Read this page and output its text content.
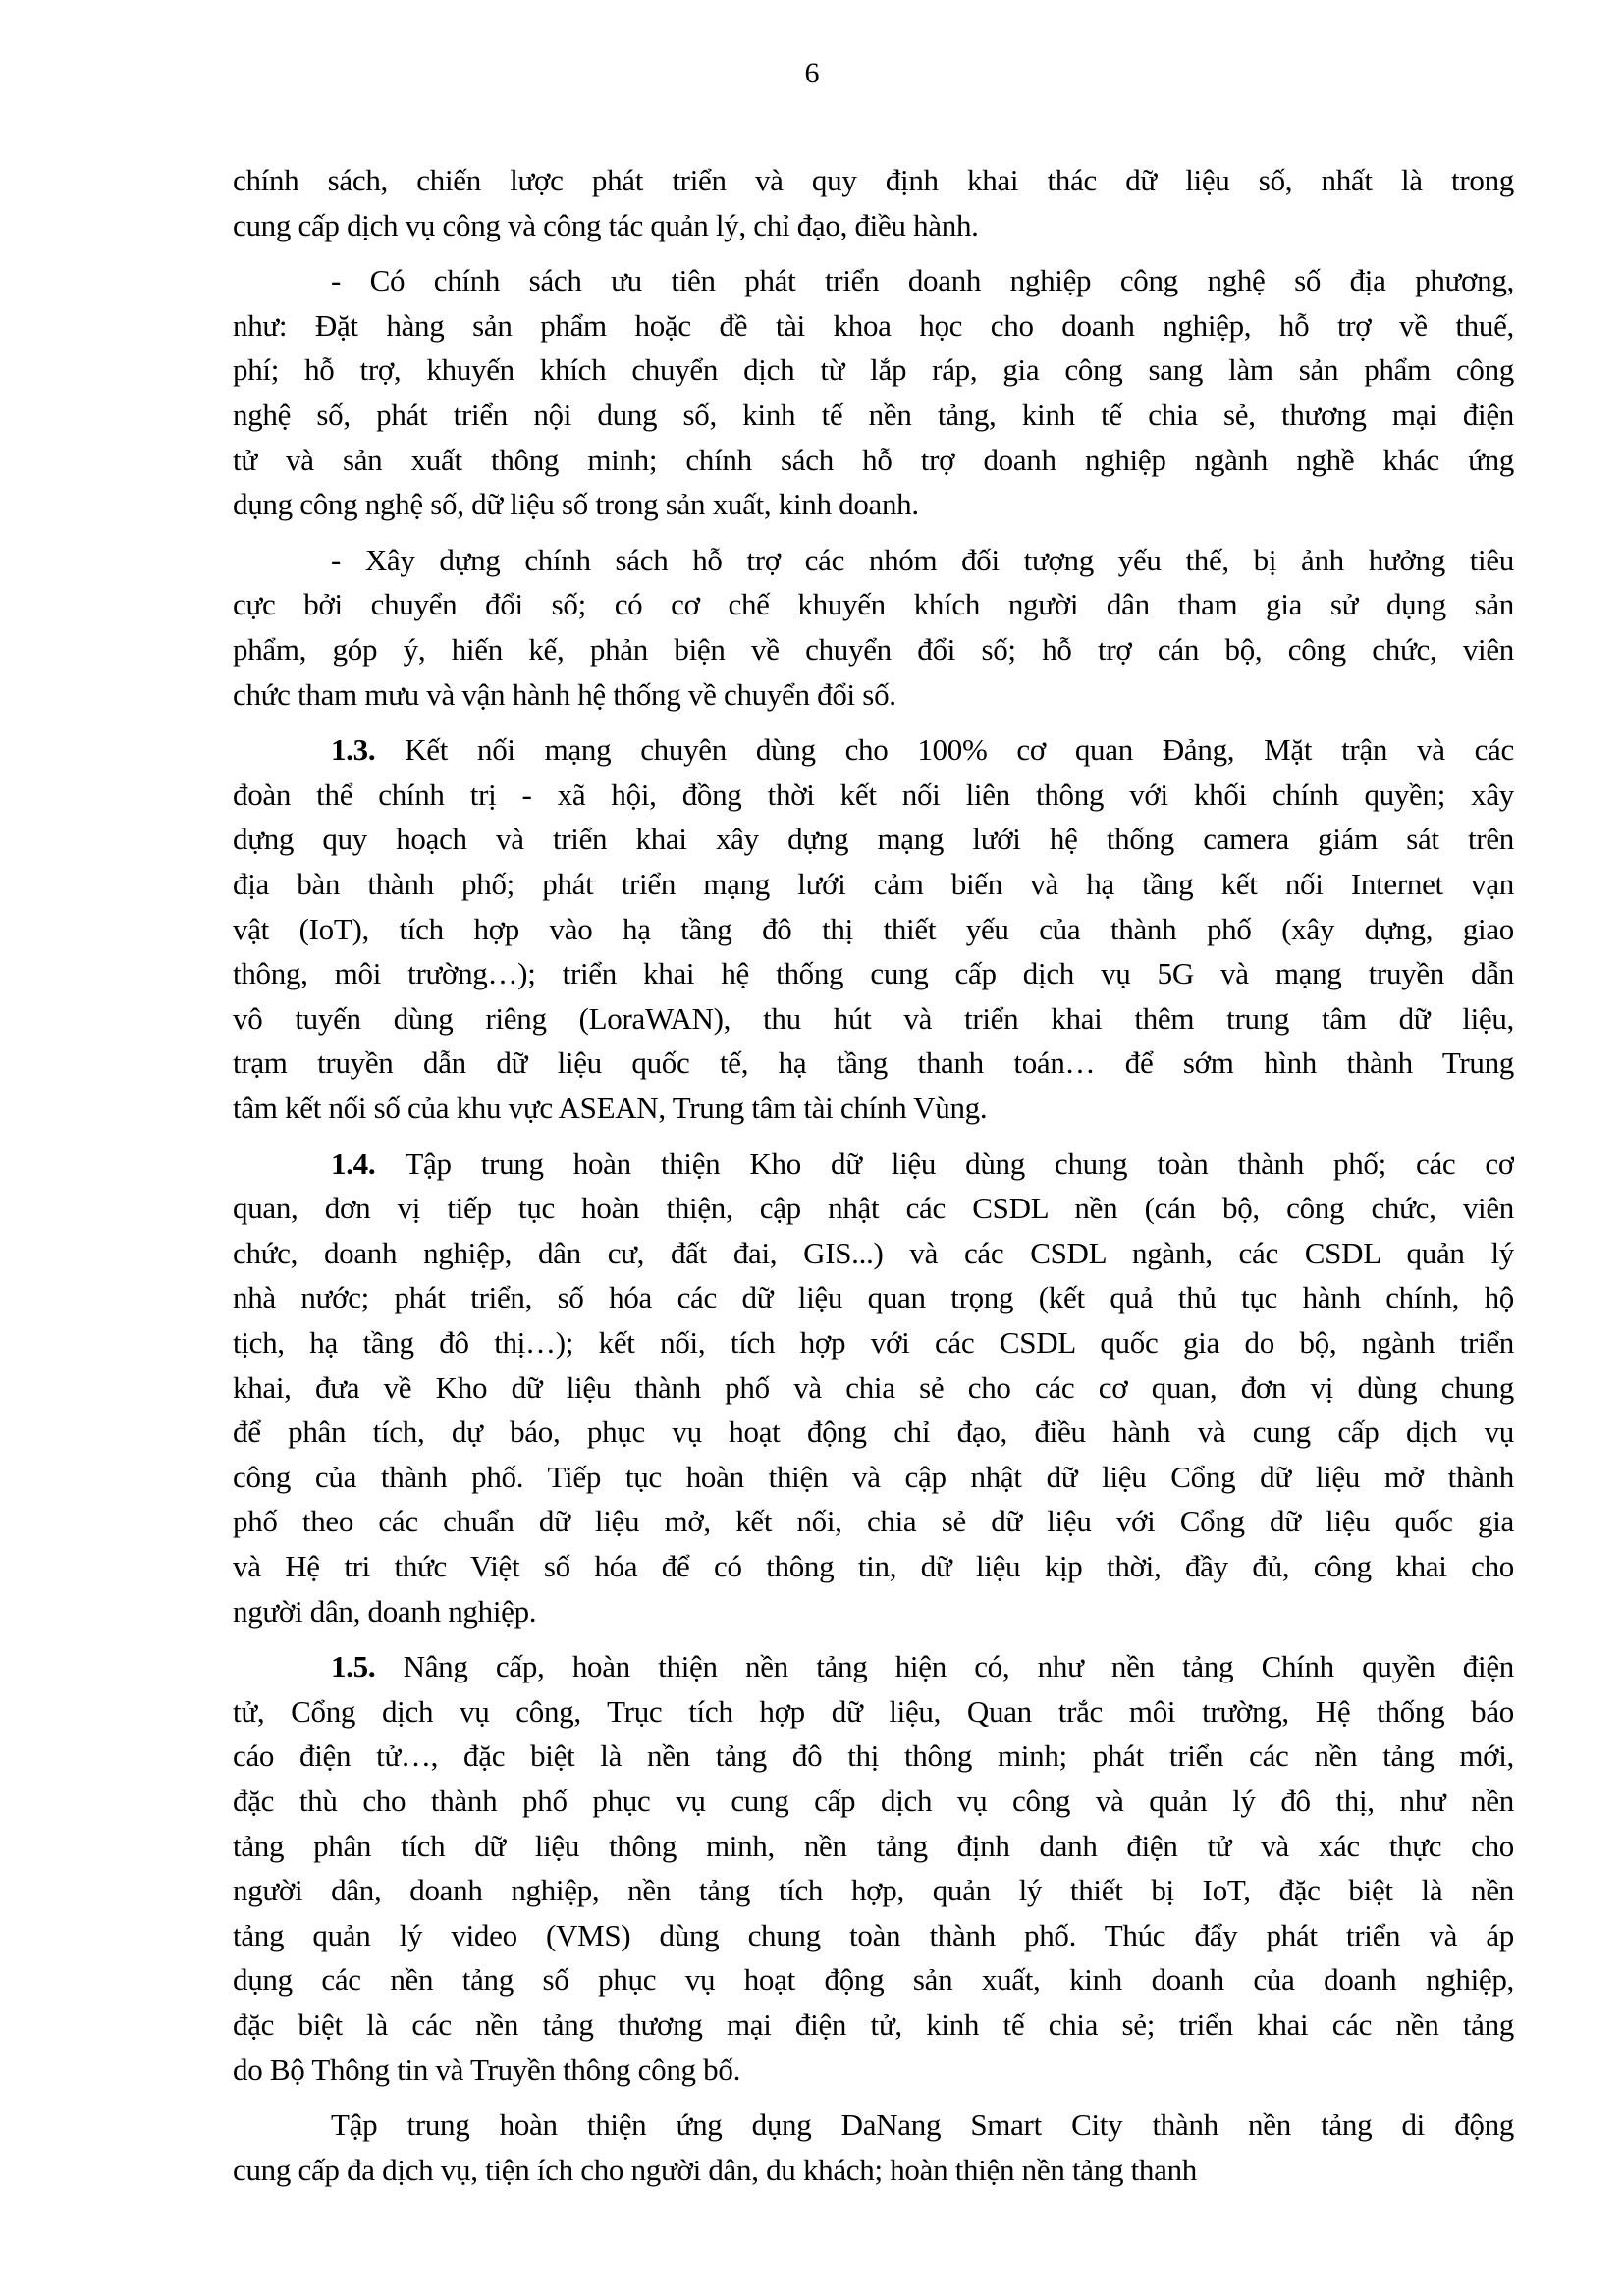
6
chính sách, chiến lược phát triển và quy định khai thác dữ liệu số, nhất là trong
cung cấp dịch vụ công và công tác quản lý, chỉ đạo, điều hành.
- Có chính sách ưu tiên phát triển doanh nghiệp công nghệ số địa phương,
như: Đặt hàng sản phẩm hoặc đề tài khoa học cho doanh nghiệp, hỗ trợ về thuế,
phí; hỗ trợ, khuyến khích chuyển dịch từ lắp ráp, gia công sang làm sản phẩm công
nghệ số, phát triển nội dung số, kinh tế nền tảng, kinh tế chia sẻ, thương mại điện
tử và sản xuất thông minh; chính sách hỗ trợ doanh nghiệp ngành nghề khác ứng
dụng công nghệ số, dữ liệu số trong sản xuất, kinh doanh.
- Xây dựng chính sách hỗ trợ các nhóm đối tượng yếu thế, bị ảnh hưởng tiêu
cực bởi chuyển đổi số; có cơ chế khuyến khích người dân tham gia sử dụng sản
phẩm, góp ý, hiến kế, phản biện về chuyển đổi số; hỗ trợ cán bộ, công chức, viên
chức tham mưu và vận hành hệ thống về chuyển đổi số.
1.3. Kết nối mạng chuyên dùng cho 100% cơ quan Đảng, Mặt trận và các
đoàn thể chính trị - xã hội, đồng thời kết nối liên thông với khối chính quyền; xây
dựng quy hoạch và triển khai xây dựng mạng lưới hệ thống camera giám sát trên
địa bàn thành phố; phát triển mạng lưới cảm biến và hạ tầng kết nối Internet vạn
vật (IoT), tích hợp vào hạ tầng đô thị thiết yếu của thành phố (xây dựng, giao
thông, môi trường…); triển khai hệ thống cung cấp dịch vụ 5G và mạng truyền dẫn
vô tuyến dùng riêng (LoraWAN), thu hút và triển khai thêm trung tâm dữ liệu,
trạm truyền dẫn dữ liệu quốc tế, hạ tầng thanh toán… để sớm hình thành Trung
tâm kết nối số của khu vực ASEAN, Trung tâm tài chính Vùng.
1.4. Tập trung hoàn thiện Kho dữ liệu dùng chung toàn thành phố; các cơ
quan, đơn vị tiếp tục hoàn thiện, cập nhật các CSDL nền (cán bộ, công chức, viên
chức, doanh nghiệp, dân cư, đất đai, GIS...) và các CSDL ngành, các CSDL quản lý
nhà nước; phát triển, số hóa các dữ liệu quan trọng (kết quả thủ tục hành chính, hộ
tịch, hạ tầng đô thị…); kết nối, tích hợp với các CSDL quốc gia do bộ, ngành triển
khai, đưa về Kho dữ liệu thành phố và chia sẻ cho các cơ quan, đơn vị dùng chung
để phân tích, dự báo, phục vụ hoạt động chỉ đạo, điều hành và cung cấp dịch vụ
công của thành phố. Tiếp tục hoàn thiện và cập nhật dữ liệu Cổng dữ liệu mở thành
phố theo các chuẩn dữ liệu mở, kết nối, chia sẻ dữ liệu với Cổng dữ liệu quốc gia
và Hệ tri thức Việt số hóa để có thông tin, dữ liệu kịp thời, đầy đủ, công khai cho
người dân, doanh nghiệp.
1.5. Nâng cấp, hoàn thiện nền tảng hiện có, như nền tảng Chính quyền điện
tử, Cổng dịch vụ công, Trục tích hợp dữ liệu, Quan trắc môi trường, Hệ thống báo
cáo điện tử…, đặc biệt là nền tảng đô thị thông minh; phát triển các nền tảng mới,
đặc thù cho thành phố phục vụ cung cấp dịch vụ công và quản lý đô thị, như nền
tảng phân tích dữ liệu thông minh, nền tảng định danh điện tử và xác thực cho
người dân, doanh nghiệp, nền tảng tích hợp, quản lý thiết bị IoT, đặc biệt là nền
tảng quản lý video (VMS) dùng chung toàn thành phố. Thúc đẩy phát triển và áp
dụng các nền tảng số phục vụ hoạt động sản xuất, kinh doanh của doanh nghiệp,
đặc biệt là các nền tảng thương mại điện tử, kinh tế chia sẻ; triển khai các nền tảng
do Bộ Thông tin và Truyền thông công bố.
Tập trung hoàn thiện ứng dụng DaNang Smart City thành nền tảng di động
cung cấp đa dịch vụ, tiện ích cho người dân, du khách; hoàn thiện nền tảng thanh
